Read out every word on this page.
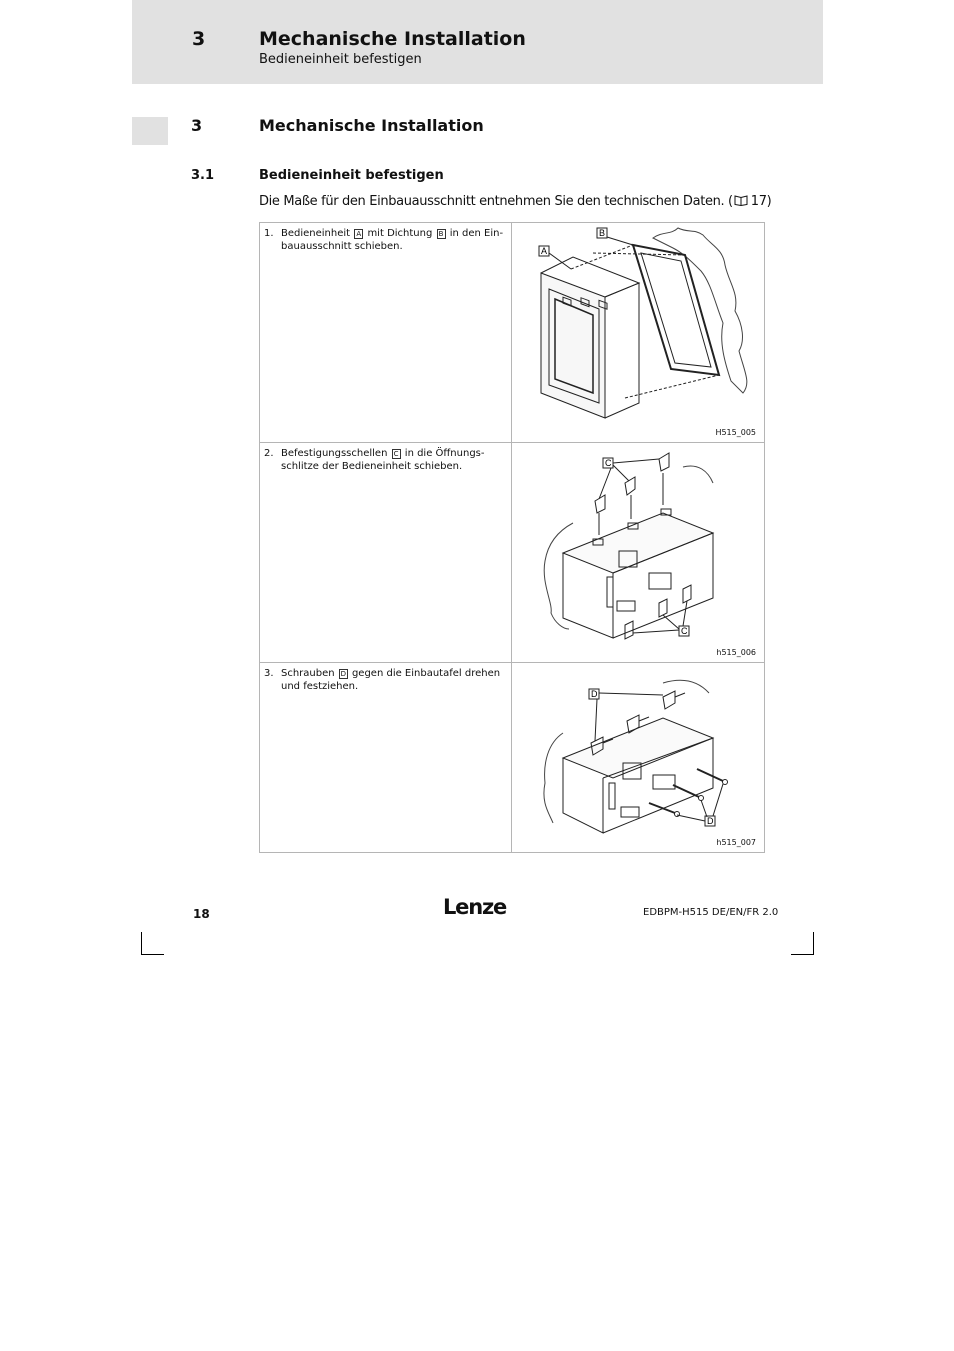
3	Mechanische Installation
Bedieneinheit befestigen
3	Mechanische Installation
3.1	Bedieneinheit befestigen
Die Maße für den Einbauausschnitt entnehmen Sie den technischen Daten. ( 17)
1. Bedieneinheit A mit Dichtung B in den Ein- bauausschnitt schieben.
B
A
H515_005
2. Befestigungsschellen C in die Öffnungs- schlitze der Bedieneinheit schieben.	C
C
h515_006
3. Schrauben D gegen die Einbautafel drehen und festziehen.
D
D
h515_007
18	Lenze	EDBPM-H515 DE/EN/FR 2.0
